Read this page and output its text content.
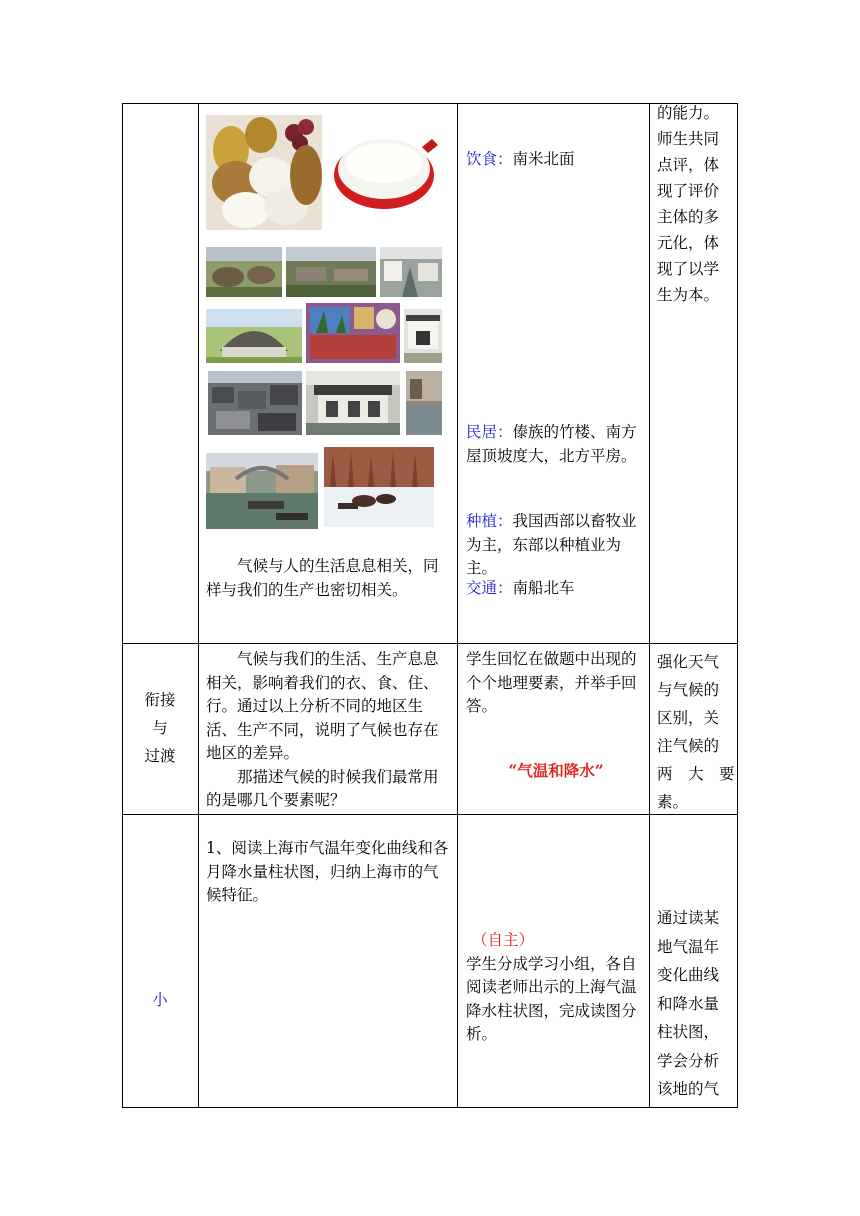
气候与人的生活息息相关，同样与我们的生产也密切相关。
饮食：南米北面
民居：傣族的竹楼、南方屋顶坡度大，北方平房。
种植：我国西部以畜牧业为主，东部以种植业为主。
交通：南船北车
的能力。
师生共同
点评，体
现了评价
主体的多
元化，体
现了以学
生为本。
衔接
与
过渡
气候与我们的生活、生产息息相关，影响着我们的衣、食、住、行。通过以上分析不同的地区生活、生产不同，说明了气候也存在地区的差异。
那描述气候的时候我们最常用的是哪几个要素呢？
学生回忆在做题中出现的个个地理要素，并举手回答。
“气温和降水”
强化天气
与气候的
区别，关
注气候的
两　大　要
素。
小
1、阅读上海市气温年变化曲线和各月降水量柱状图，归纳上海市的气候特征。
（自主）
学生分成学习小组，各自阅读老师出示的上海气温降水柱状图，完成读图分析。
通过读某
地气温年
变化曲线
和降水量
柱状图，
学会分析
该地的气
